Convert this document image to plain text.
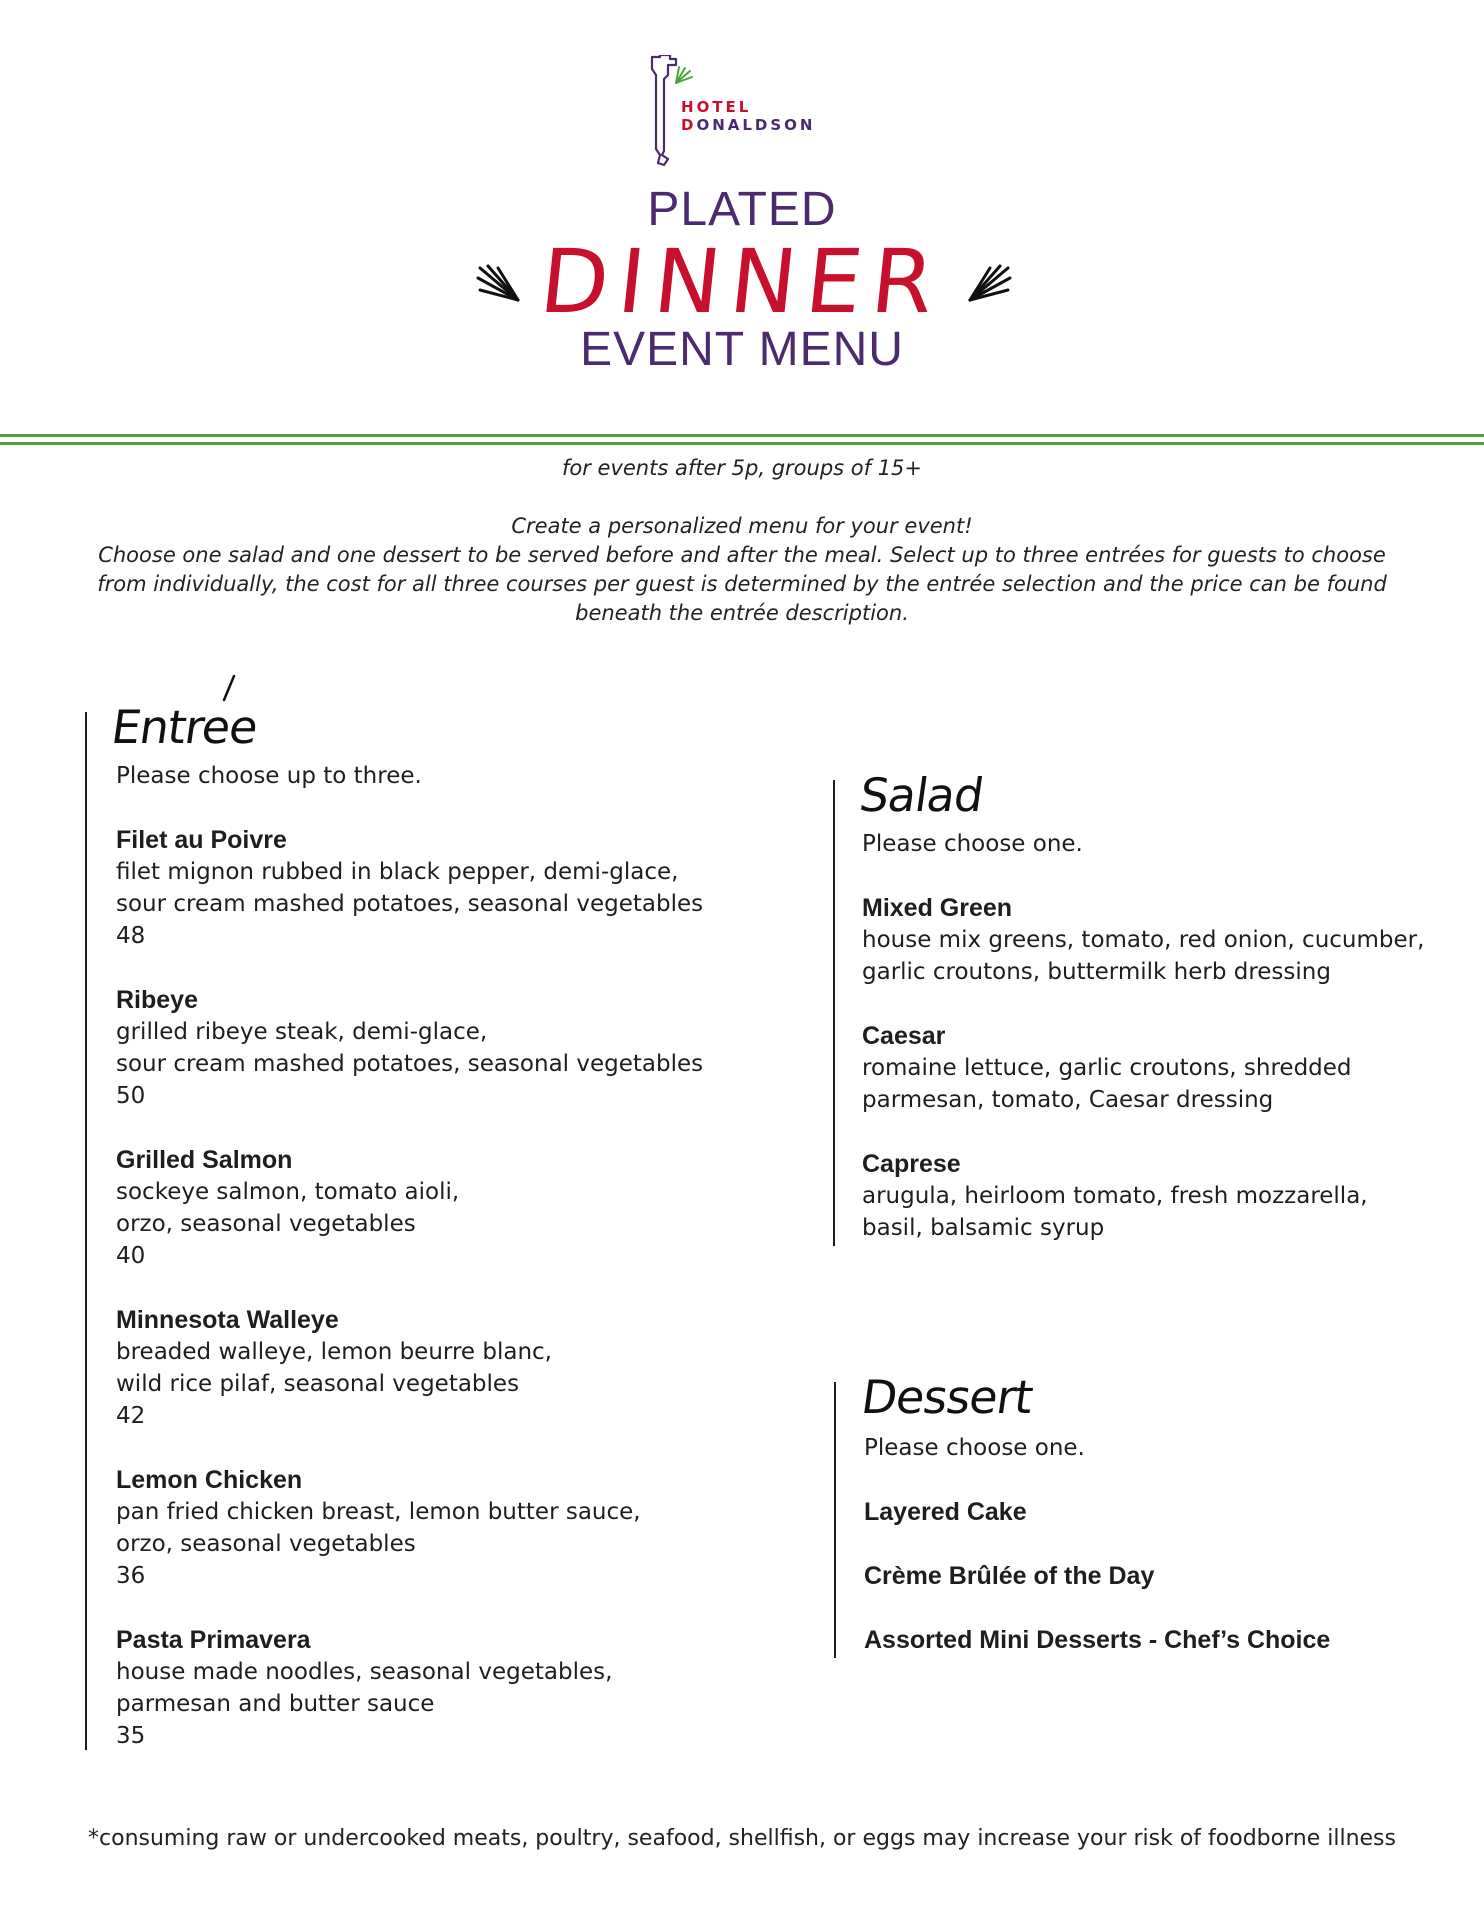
HOTEL
DONALDSON
PLATED
DINNER
EVENT MENU
for events after 5p, groups of 15+
Create a personalized menu for your event!
Choose one salad and one dessert to be served before and after the meal. Select up to three entrées for guests to choose from individually, the cost for all three courses per guest is determined by the entrée selection and the price can be found beneath the entrée description.
Entree
Please choose up to three.
Filet au Poivre
filet mignon rubbed in black pepper, demi-glace,
sour cream mashed potatoes, seasonal vegetables
48
Ribeye
grilled ribeye steak, demi-glace,
sour cream mashed potatoes, seasonal vegetables
50
Grilled Salmon
sockeye salmon, tomato aioli,
orzo, seasonal vegetables
40
Minnesota Walleye
breaded walleye, lemon beurre blanc,
wild rice pilaf, seasonal vegetables
42
Lemon Chicken
pan fried chicken breast, lemon butter sauce,
orzo, seasonal vegetables
36
Pasta Primavera
house made noodles, seasonal vegetables,
parmesan and butter sauce
35
Salad
Please choose one.
Mixed Green
house mix greens, tomato, red onion, cucumber,
garlic croutons, buttermilk herb dressing
Caesar
romaine lettuce, garlic croutons, shredded
parmesan, tomato, Caesar dressing
Caprese
arugula, heirloom tomato, fresh mozzarella,
basil, balsamic syrup
Dessert
Please choose one.
Layered Cake
Crème Brûlée of the Day
Assorted Mini Desserts - Chef’s Choice
*consuming raw or undercooked meats, poultry, seafood, shellfish, or eggs may increase your risk of foodborne illness
